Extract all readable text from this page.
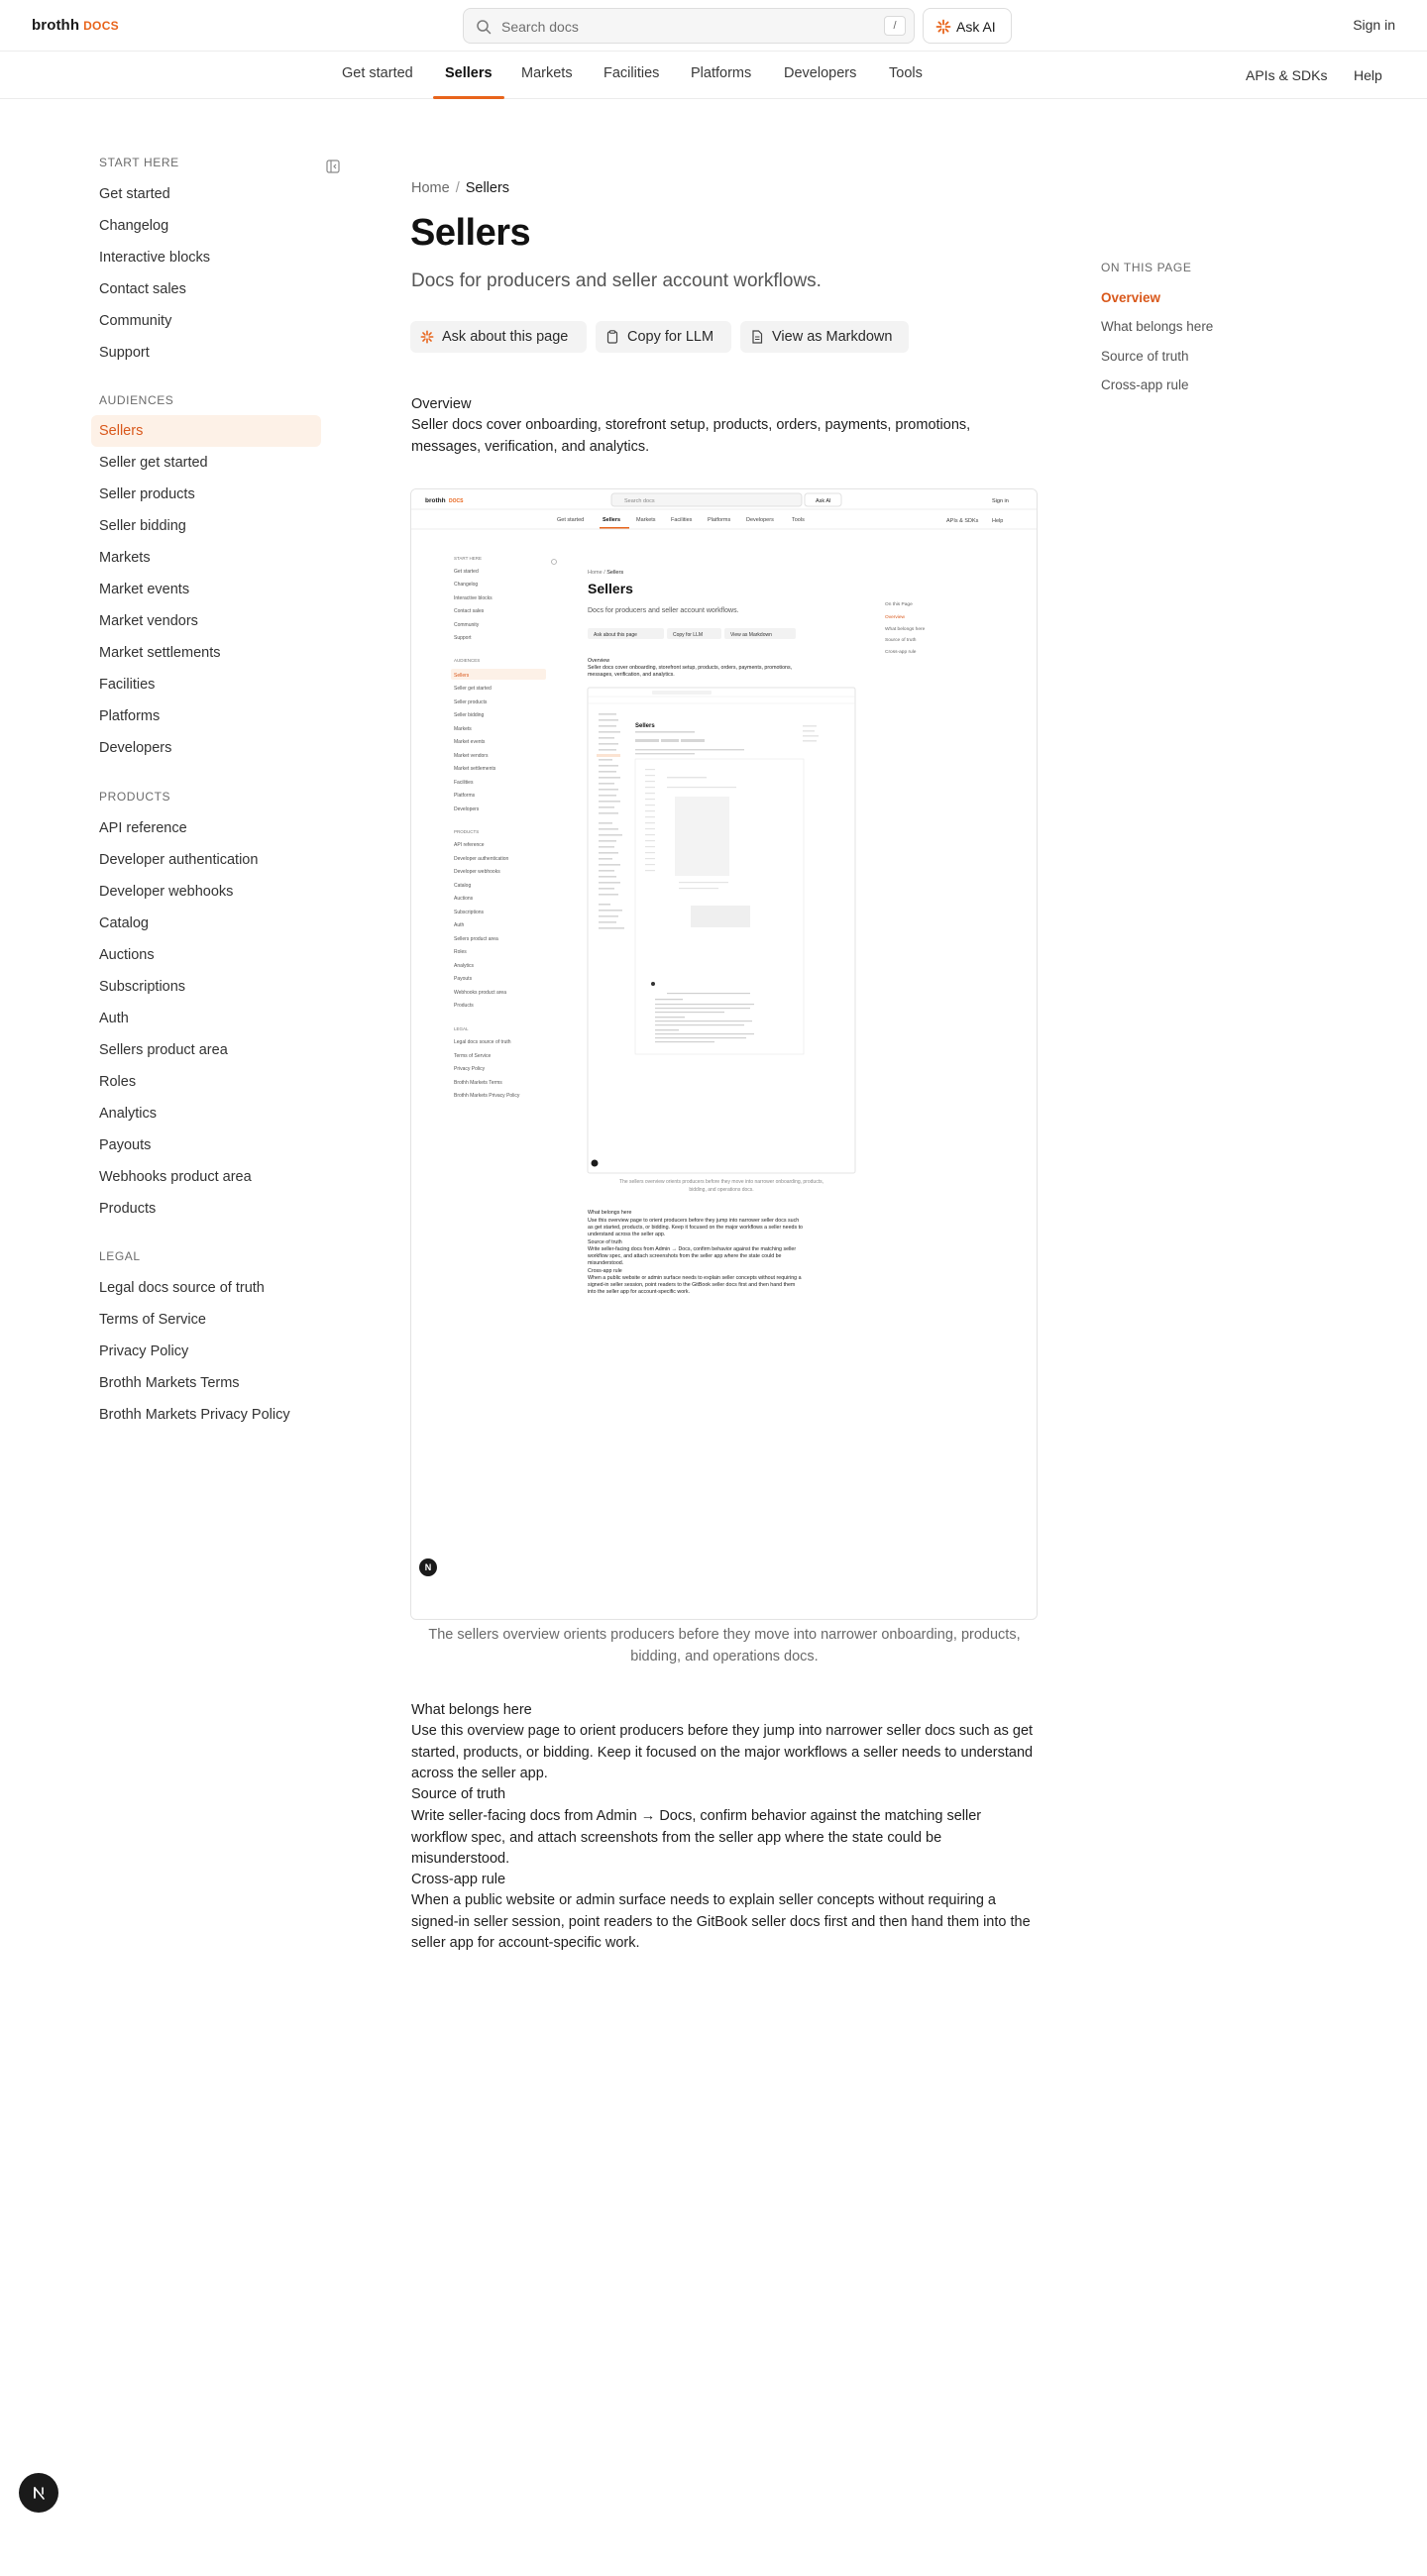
brothh DOCS	Search docs	/	Ask AI	Sign in
Get started Sellers Markets Facilities Platforms Developers Tools	APIs & SDKs Help
START HERE
Get started
Changelog
Interactive blocks
Contact sales
Community
Support
AUDIENCES
Sellers
Seller get started
Seller products
Seller bidding
Markets
Market events
Market vendors
Market settlements
Facilities
Platforms
Developers
PRODUCTS
API reference
Developer authentication
Developer webhooks
Catalog
Auctions
Subscriptions
Auth
Sellers product area
Roles
Analytics
Payouts
Webhooks product area
Products
LEGAL
Legal docs source of truth
Terms of Service
Privacy Policy
Brothh Markets Terms
Brothh Markets Privacy Policy
Home / Sellers
Sellers
Docs for producers and seller account workflows.
Ask about this page	Copy for LLM	View as Markdown
Overview
Seller docs cover onboarding, storefront setup, products, orders, payments, promotions, messages, verification, and analytics.
brothh DOCS	Search docs	Ask AI	Sign in
Get started	Sellers	Markets	Facilities	Platforms	Developers	Tools	APIs & SDKs Help
START HERE
Get started
Changelog
Interactive blocks
Contact sales
Community
Support
AUDIENCES
Sellers
Seller get started
Seller products
Seller bidding
Markets
Market events
Market vendors
Market settlements
Facilities
Platforms
Developers
PRODUCTS
API reference
Developer authentication
Developer webhooks
Catalog
Auctions
Subscriptions
Auth
Sellers product area
Roles
Analytics
Payouts
Webhooks product area
Products
LEGAL
Legal docs source of truth
Terms of Service
Privacy Policy
Brothh Markets Terms
Brothh Markets Privacy Policy
Home / Sellers
Sellers
Docs for producers and seller account workflows.
Ask about this page	Copy for LLM	View as Markdown
Overview
Seller docs cover onboarding, storefront setup, products, orders, payments, promotions,
messages, verification, and analytics.
On this Page
Overview
What belongs here
Source of truth
Cross-app rule
Sellers
The sellers overview orients producers before they move into narrower onboarding, products,
bidding, and operations docs.
What belongs here
Use this overview page to orient producers before they jump into narrower seller docs such
as get started, products, or bidding. Keep it focused on the major workflows a seller needs to
understand across the seller app.
Source of truth
Write seller-facing docs from Admin → Docs, confirm behavior against the matching seller
workflow spec, and attach screenshots from the seller app where the state could be
misunderstood.
Cross-app rule
When a public website or admin surface needs to explain seller concepts without requiring a
signed-in seller session, point readers to the GitBook seller docs first and then hand them
into the seller app for account-specific work.
N
The sellers overview orients producers before they move into narrower onboarding, products, bidding, and operations docs.
What belongs here
Use this overview page to orient producers before they jump into narrower seller docs such as get started, products, or bidding. Keep it focused on the major workflows a seller needs to understand across the seller app.
Source of truth
Write seller-facing docs from Admin → Docs, confirm behavior against the matching seller workflow spec, and attach screenshots from the seller app where the state could be misunderstood.
Cross-app rule
When a public website or admin surface needs to explain seller concepts without requiring a signed-in seller session, point readers to the GitBook seller docs first and then hand them into the seller app for account-specific work.
ON THIS PAGE
Overview
What belongs here
Source of truth
Cross-app rule
